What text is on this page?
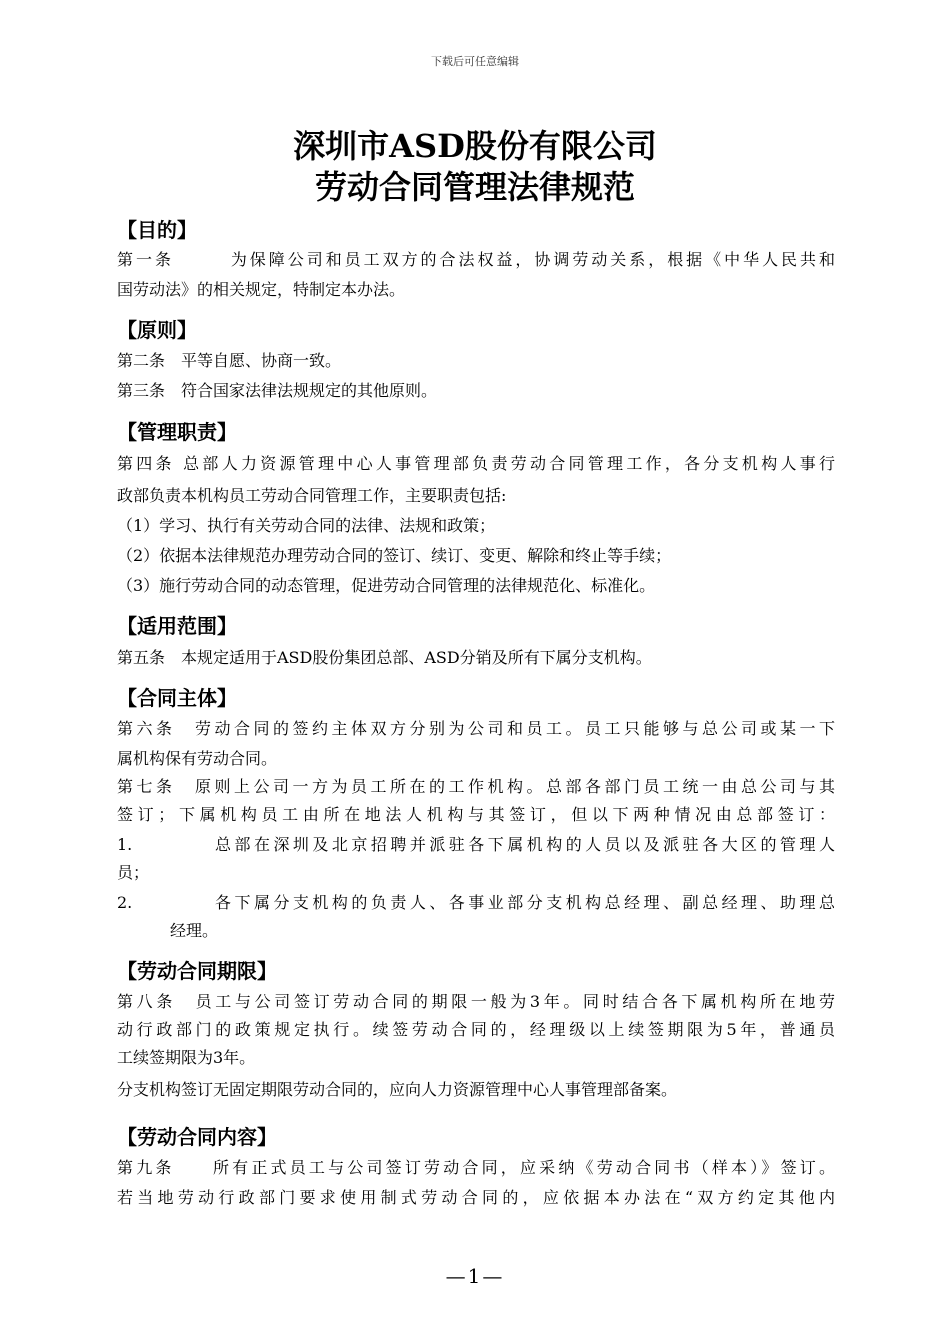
下载后可任意编辑
深圳市ASD股份有限公司
劳动合同管理法律规范
【目的】
第一条　　　为保障公司和员工双方的合法权益，协调劳动关系，根据《中华人民共和
国劳动法》的相关规定，特制定本办法。
【原则】
第二条　平等自愿、协商一致。
第三条　符合国家法律法规规定的其他原则。
【管理职责】
第四条 总部人力资源管理中心人事管理部负责劳动合同管理工作，各分支机构人事行
政部负责本机构员工劳动合同管理工作，主要职责包括:
（1）学习、执行有关劳动合同的法律、法规和政策；
（2）依据本法律规范办理劳动合同的签订、续订、变更、解除和终止等手续；
（3）施行劳动合同的动态管理，促进劳动合同管理的法律规范化、标准化。
【适用范围】
第五条　本规定适用于ASD股份集团总部、ASD分销及所有下属分支机构。
【合同主体】
第六条　劳动合同的签约主体双方分别为公司和员工。员工只能够与总公司或某一下
属机构保有劳动合同。
第七条　原则上公司一方为员工所在的工作机构。总部各部门员工统一由总公司与其
签订；下属机构员工由所在地法人机构与其签订，但以下两种情况由总部签订：
1.	总部在深圳及北京招聘并派驻各下属机构的人员以及派驻各大区的管理人
员；
2.	各下属分支机构的负责人、各事业部分支机构总经理、副总经理、助理总
经理。
【劳动合同期限】
第八条　员工与公司签订劳动合同的期限一般为3年。同时结合各下属机构所在地劳
动行政部门的政策规定执行。续签劳动合同的，经理级以上续签期限为5年，普通员
工续签期限为3年。
分支机构签订无固定期限劳动合同的，应向人力资源管理中心人事管理部备案。
【劳动合同内容】
第九条　　所有正式员工与公司签订劳动合同，应采纳《劳动合同书（样本）》签订。
若当地劳动行政部门要求使用制式劳动合同的，应依据本办法在“双方约定其他内
—1—
